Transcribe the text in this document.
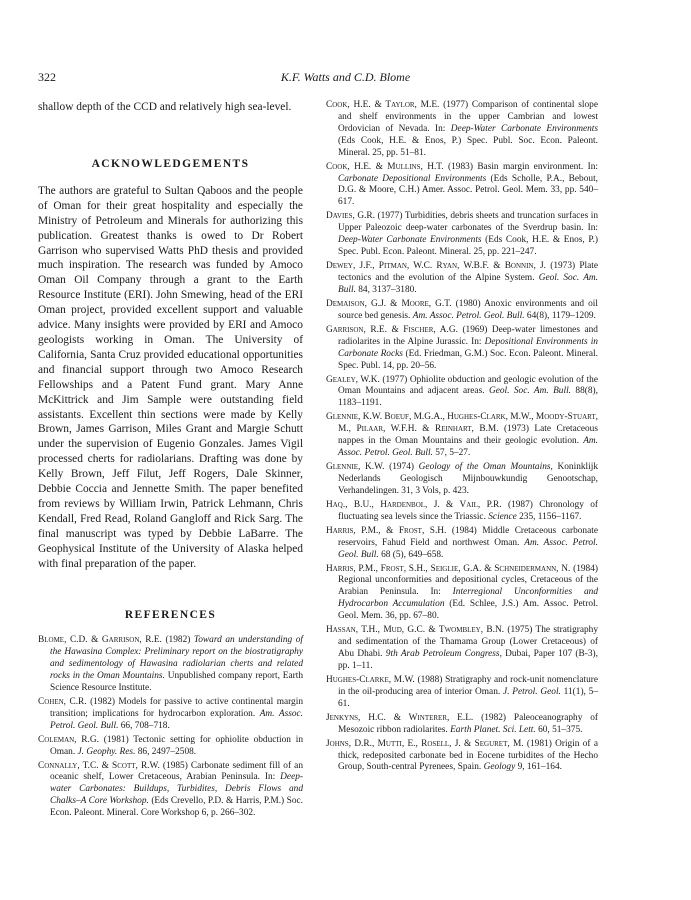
322	K.F. Watts and C.D. Blome

shallow depth of the CCD and relatively high sea-level.

ACKNOWLEDGEMENTS

The authors are grateful to Sultan Qaboos and the people of Oman for their great hospitality and especially the Ministry of Petroleum and Minerals for authorizing this publication. Greatest thanks is owed to Dr Robert Garrison who supervised Watts PhD thesis and provided much inspiration. The research was funded by Amoco Oman Oil Company through a grant to the Earth Resource Institute (ERI). John Smewing, head of the ERI Oman project, provided excellent support and valuable advice. Many insights were provided by ERI and Amoco geologists working in Oman. The University of California, Santa Cruz provided educational opportunities and financial support through two Amoco Research Fellowships and a Patent Fund grant. Mary Anne McKittrick and Jim Sample were outstanding field assistants. Excellent thin sections were made by Kelly Brown, James Garrison, Miles Grant and Margie Schutt under the supervision of Eugenio Gonzales. James Vigil processed cherts for radiolarians. Drafting was done by Kelly Brown, Jeff Filut, Jeff Rogers, Dale Skinner, Debbie Coccia and Jennette Smith. The paper benefited from reviews by William Irwin, Patrick Lehmann, Chris Kendall, Fred Read, Roland Gangloff and Rick Sarg. The final manuscript was typed by Debbie LaBarre. The Geophysical Institute of the University of Alaska helped with final preparation of the paper.

REFERENCES
Blome, C.D. & Garrison, R.E. (1982) Toward an understanding of the Hawasina Complex: Preliminary report on the biostratigraphy and sedimentology of Hawasina radiolarian cherts and related rocks in the Oman Mountains. Unpublished company report, Earth Science Resource Institute.
Cohen, C.R. (1982) Models for passive to active continental margin transition; implications for hydrocarbon exploration. Am. Assoc. Petrol. Geol. Bull. 66, 708–718.
Coleman, R.G. (1981) Tectonic setting for ophiolite obduction in Oman. J. Geophy. Res. 86, 2497–2508.
Connally, T.C. & Scott, R.W. (1985) Carbonate sediment fill of an oceanic shelf, Lower Cretaceous, Arabian Peninsula. In: Deep-water Carbonates: Buildups, Turbidites, Debris Flows and Chalks–A Core Workshop. (Eds Crevello, P.D. & Harris, P.M.) Soc. Econ. Paleont. Mineral. Core Workshop 6, p. 266–302.
Cook, H.E. & Taylor, M.E. (1977) Comparison of continental slope and shelf environments in the upper Cambrian and lowest Ordovician of Nevada. In: Deep-Water Carbonate Environments (Eds Cook, H.E. & Enos, P.) Spec. Publ. Soc. Econ. Paleont. Mineral. 25, pp. 51–81.
Cook, H.E. & Mullins, H.T. (1983) Basin margin environment. In: Carbonate Depositional Environments (Eds Scholle, P.A., Bebout, D.G. & Moore, C.H.) Amer. Assoc. Petrol. Geol. Mem. 33, pp. 540–617.
Davies, G.R. (1977) Turbidities, debris sheets and truncation surfaces in Upper Paleozoic deep-water carbonates of the Sverdrup basin. In: Deep-Water Carbonate Environments (Eds Cook, H.E. & Enos, P.) Spec. Publ. Econ. Paleont. Mineral. 25, pp. 221–247.
Dewey, J.F., Pitman, W.C. Ryan, W.B.F. & Bonnin, J. (1973) Plate tectonics and the evolution of the Alpine System. Geol. Soc. Am. Bull. 84, 3137–3180.
Demaison, G.J. & Moore, G.T. (1980) Anoxic environments and oil source bed genesis. Am. Assoc. Petrol. Geol. Bull. 64(8), 1179–1209.
Garrison, R.E. & Fischer, A.G. (1969) Deep-water limestones and radiolarites in the Alpine Jurassic. In: Depositional Environments in Carbonate Rocks (Ed. Friedman, G.M.) Soc. Econ. Paleont. Mineral. Spec. Publ. 14, pp. 20–56.
Gealey, W.K. (1977) Ophiolite obduction and geologic evolution of the Oman Mountains and adjacent areas. Geol. Soc. Am. Bull. 88(8), 1183–1191.
Glennie, K.W. Boeuf, M.G.A., Hughes-Clark, M.W., Moody-Stuart, M., Pilaar, W.F.H. & Reinhart, B.M. (1973) Late Cretaceous nappes in the Oman Mountains and their geologic evolution. Am. Assoc. Petrol. Geol. Bull. 57, 5–27.
Glennie, K.W. (1974) Geology of the Oman Mountains, Koninklijk Nederlands Geologisch Mijnbouwkundig Genootschap, Verhandelingen. 31, 3 Vols, p. 423.
Haq., B.U., Hardenbol, J. & Vail, P.R. (1987) Chronology of fluctuating sea levels since the Triassic. Science 235, 1156–1167.
Harris, P.M., & Frost, S.H. (1984) Middle Cretaceous carbonate reservoirs, Fahud Field and northwest Oman. Am. Assoc. Petrol. Geol. Bull. 68 (5), 649–658.
Harris, P.M., Frost, S.H., Seiglie, G.A. & Schneidermann, N. (1984) Regional unconformities and depositional cycles, Cretaceous of the Arabian Peninsula. In: Interregional Unconformities and Hydrocarbon Accumulation (Ed. Schlee, J.S.) Am. Assoc. Petrol. Geol. Mem. 36, pp. 67–80.
Hassan, T.H., Mud, G.C. & Twombley, B.N. (1975) The stratigraphy and sedimentation of the Thamama Group (Lower Cretaceous) of Abu Dhabi. 9th Arab Petroleum Congress, Dubai, Paper 107 (B-3), pp. 1–11.
Hughes-Clarke, M.W. (1988) Stratigraphy and rock-unit nomenclature in the oil-producing area of interior Oman. J. Petrol. Geol. 11(1), 5–61.
Jenkyns, H.C. & Winterer, E.L. (1982) Paleoceanography of Mesozoic ribbon radiolarites. Earth Planet. Sci. Lett. 60, 51–375.
Johns, D.R., Mutti, E., Rosell, J. & Seguret, M. (1981) Origin of a thick, redeposited carbonate bed in Eocene turbidites of the Hecho Group, South-central Pyrenees, Spain. Geology 9, 161–164.
